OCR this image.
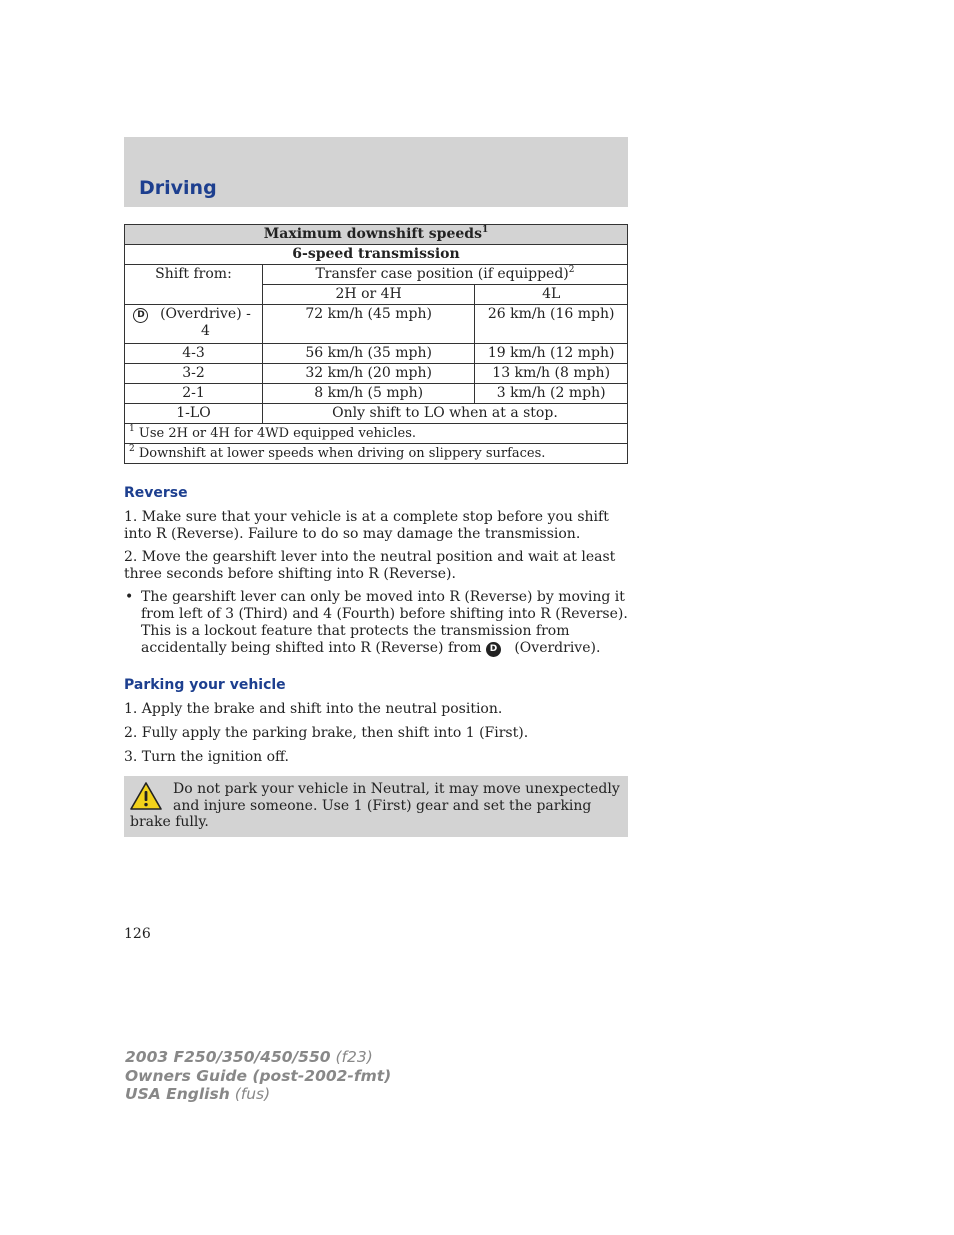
Driving
Maximum downshift speeds$^1$
6-speed transmission		
Shift from:	Transfer case position (if equipped)$^2$
	2H or 4H	4L

D (Overdrive) - 4	72 km/h (45 mph)	26 km/h (16 mph)
4-3	56 km/h (35 mph)	19 km/h (12 mph)
3-2	32 km/h (20 mph)	13 km/h (8 mph)
2-1	8 km/h (5 mph)	3 km/h (2 mph)
1-LO	Only shift to LO when at a stop.	
$^1$ Use 2H or 4H for 4WD equipped vehicles.		
$^2$ Downshift at lower speeds when driving on slippery surfaces.		
Reverse

1. Make sure that your vehicle is at a complete stop before you shift into R (Reverse). Failure to do so may damage the transmission.

2. Move the gearshift lever into the neutral position and wait at least three seconds before shifting into R (Reverse).

• The gearshift lever can only be moved into R (Reverse) by moving it from left of 3 (Third) and 4 (Fourth) before shifting into R (Reverse). This is a lockout feature that protects the transmission from accidentally being shifted into R (Reverse) from D (Overdrive).
Parking your vehicle

1. Apply the brake and shift into the neutral position.

2. Fully apply the parking brake, then shift into 1 (First).

3. Turn the ignition off.

Do not park your vehicle in Neutral, it may move unexpectedly and injure someone. Use 1 (First) gear and set the parking brake fully.

126
2003 F250/350/450/550 (f23)
Owners Guide (post-2002-fmt)
USA English (fus)
